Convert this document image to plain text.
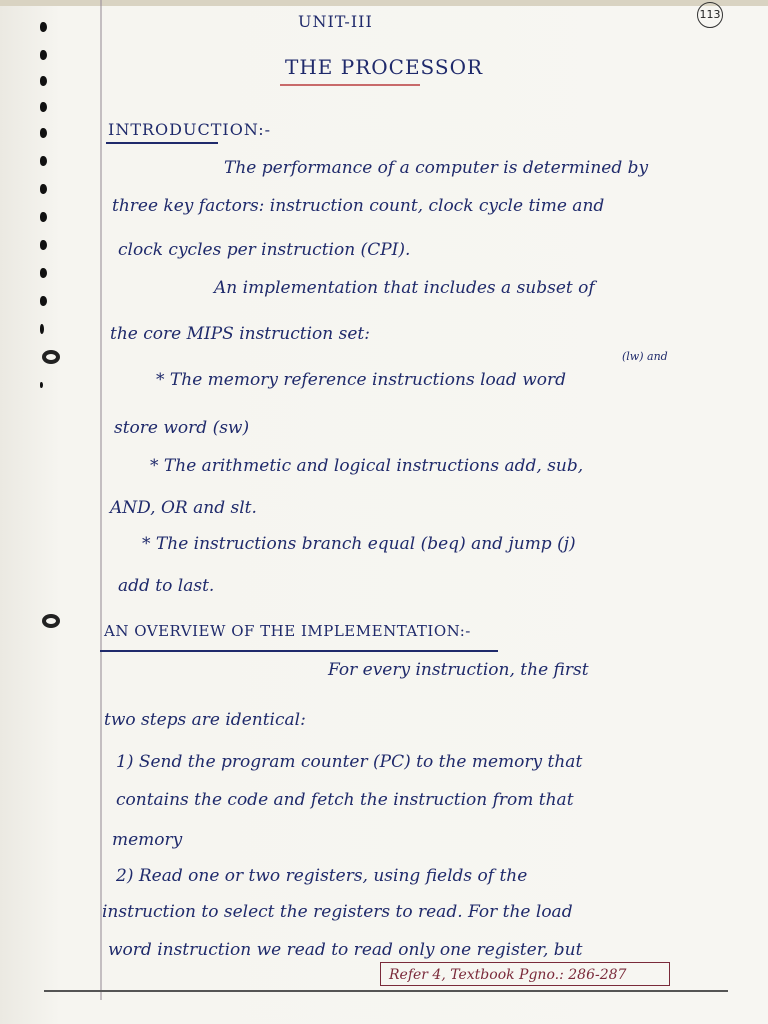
113
UNIT-III
THE PROCESSOR
INTRODUCTION:-
The performance of a computer is determined by
three key factors: instruction count, clock cycle time and
clock cycles per instruction (CPI).
An implementation that includes a subset of
the core MIPS instruction set:
* The memory reference instructions load word
(lw) and
store word (sw)
* The arithmetic and logical instructions add, sub,
AND, OR and slt.
* The instructions branch equal (beq) and jump (j)
add to last.
AN OVERVIEW OF THE IMPLEMENTATION:-
For every instruction, the first
two steps are identical:
1) Send the program counter (PC) to the memory that
contains the code and fetch the instruction from that
memory
2) Read one or two registers, using fields of the
instruction to select the registers to read. For the load
word instruction we read to read only one register, but
Refer 4, Textbook Pgno.: 286-287
